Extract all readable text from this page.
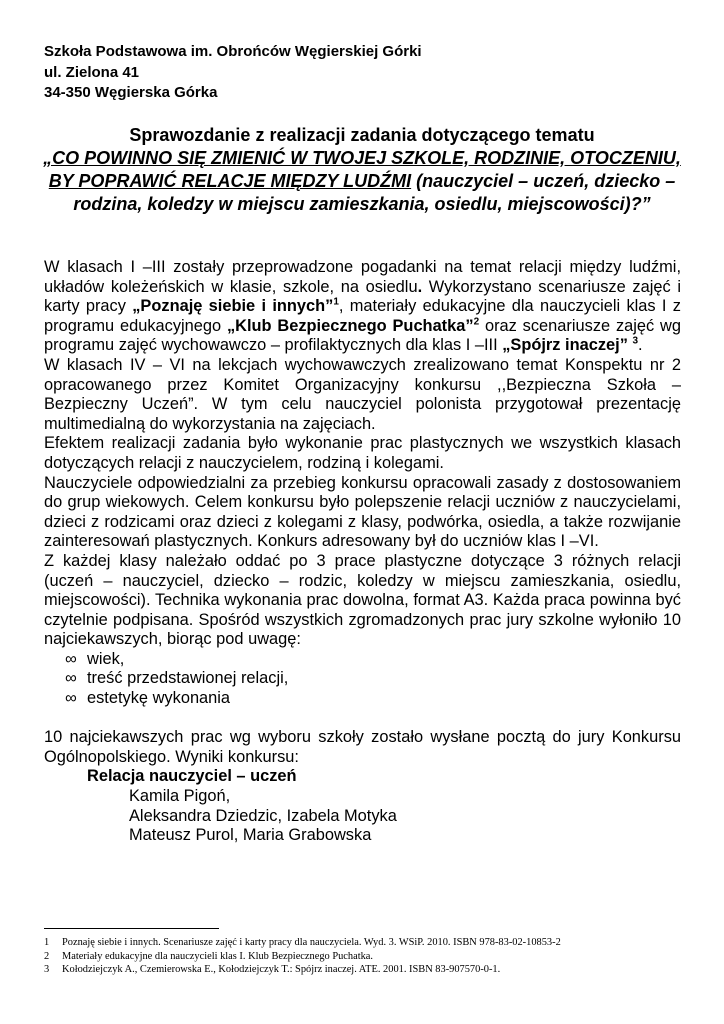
Szkoła Podstawowa im. Obrońców Węgierskiej Górki
ul. Zielona 41
34-350 Węgierska Górka
Sprawozdanie z realizacji zadania dotyczącego tematu
„CO POWINNO SIĘ ZMIENIĆ W TWOJEJ SZKOLE, RODZINIE, OTOCZENIU, BY POPRAWIĆ RELACJE MIĘDZY LUDŹMI (nauczyciel – uczeń, dziecko – rodzina, koledzy w miejscu zamieszkania, osiedlu, miejscowości)?”

W klasach I –III zostały przeprowadzone pogadanki na temat relacji między ludźmi, układów koleżeńskich w klasie, szkole, na osiedlu. Wykorzystano scenariusze zajęć i karty pracy „Poznaję siebie i innych”$^1$, materiały edukacyjne dla nauczycieli klas I z programu edukacyjnego „Klub Bezpiecznego Puchatka”$^2$ oraz scenariusze zajęć wg programu zajęć wychowawczo – profilaktycznych dla klas I –III „Spójrz inaczej” $^3$.

W klasach IV – VI na lekcjach wychowawczych zrealizowano temat Konspektu nr 2 opracowanego przez Komitet Organizacyjny konkursu ,,Bezpieczna Szkoła – Bezpieczny Uczeń”. W tym celu nauczyciel polonista przygotował prezentację multimedialną do wykorzystania na zajęciach.

Efektem realizacji zadania było wykonanie prac plastycznych we wszystkich klasach dotyczących relacji z nauczycielem, rodziną i kolegami.

Nauczyciele odpowiedzialni za przebieg konkursu opracowali zasady z dostosowaniem do grup wiekowych. Celem konkursu było polepszenie relacji uczniów z nauczycielami, dzieci z rodzicami oraz dzieci z kolegami z klasy, podwórka, osiedla, a także rozwijanie zainteresowań plastycznych. Konkurs adresowany był do uczniów klas I –VI.

Z każdej klasy należało oddać po 3 prace plastyczne dotyczące 3 różnych relacji (uczeń – nauczyciel, dziecko – rodzic, koledzy w miejscu zamieszkania, osiedlu, miejscowości). Technika wykonania prac dowolna, format A3. Każda praca powinna być czytelnie podpisana. Spośród wszystkich zgromadzonych prac jury szkolne wyłoniło 10 najciekawszych, biorąc pod uwagę:

∞ wiek,
∞ treść przedstawionej relacji,
∞ estetykę wykonania

10 najciekawszych prac wg wyboru szkoły zostało wysłane pocztą do jury Konkursu Ogólnopolskiego. Wyniki konkursu:

Relacja nauczyciel – uczeń
Kamila Pigoń,
Aleksandra Dziedzic, Izabela Motyka
Mateusz Purol, Maria Grabowska
1	Poznaję siebie i innych. Scenariusze zajęć i karty pracy dla nauczyciela. Wyd. 3. WSiP. 2010. ISBN 978-83-02-10853-2
2	Materiały edukacyjne dla nauczycieli klas I. Klub Bezpiecznego Puchatka.
3	Kołodziejczyk A., Czemierowska E., Kołodziejczyk T.: Spójrz inaczej. ATE. 2001. ISBN 83-907570-0-1.
